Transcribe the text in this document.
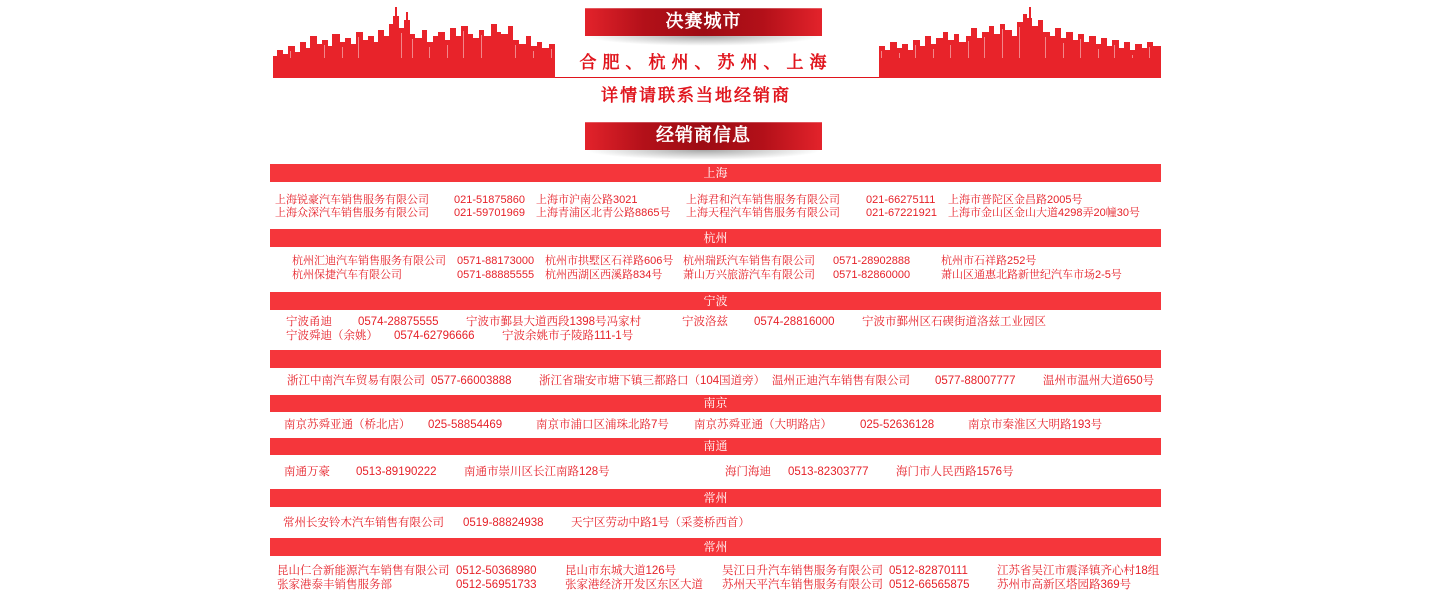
决赛城市
合肥、杭州、苏州、上海
详情请联系当地经销商
经销商信息
上海
上海锐豪汽车销售服务有限公司 021-51875860 上海市沪南公路3021	上海君和汽车销售服务有限公司 021-66275111 上海市普陀区金昌路2005号
上海众深汽车销售服务有限公司 021-59701969 上海青浦区北青公路8865号 上海天程汽车销售服务有限公司 021-67221921 上海市金山区金山大道4298弄20幢30号
杭州
杭州汇迪汽车销售服务有限公司 0571-88173000 杭州市拱墅区石祥路606号 杭州瑞跃汽车销售有限公司 0571-28902888	杭州市石祥路252号
杭州保捷汽车有限公司	0571-88885555 杭州西湖区西溪路834号 萧山万兴旅游汽车有限公司 0571-82860000	萧山区通惠北路新世纪汽车市场2-5号
宁波
宁波甬迪 0574-28875555 宁波市鄞县大道西段1398号冯家村	宁波洛兹 0574-28816000 宁波市鄞州区石碶街道洛兹工业园区
宁波舜迪（余姚） 0574-62796666 宁波余姚市子陵路111-1号
浙江中南汽车贸易有限公司 0577-66003888 浙江省瑞安市塘下镇三都路口（104国道旁） 温州正迪汽车销售有限公司 0577-88007777 温州市温州大道650号
南京
南京苏舜亚通（桥北店） 025-58854469	南京市浦口区浦珠北路7号 南京苏舜亚通（大明路店） 025-52636128	南京市秦淮区大明路193号
南通
南通万豪 0513-89190222 南通市崇川区长江南路128号	海门海迪 0513-82303777 海门市人民西路1576号
常州
常州长安铃木汽车销售有限公司 0519-88824938 天宁区劳动中路1号（采菱桥西首）
常州
昆山仁合新能源汽车销售有限公司 0512-50368980 昆山市东城大道126号	吴江日升汽车销售服务有限公司 0512-82870111	江苏省吴江市震泽镇齐心村18组
张家港泰丰销售服务部	0512-56951733 张家港经济开发区东区大道 苏州天平汽车销售服务有限公司 0512-66565875 苏州市高新区塔园路369号
